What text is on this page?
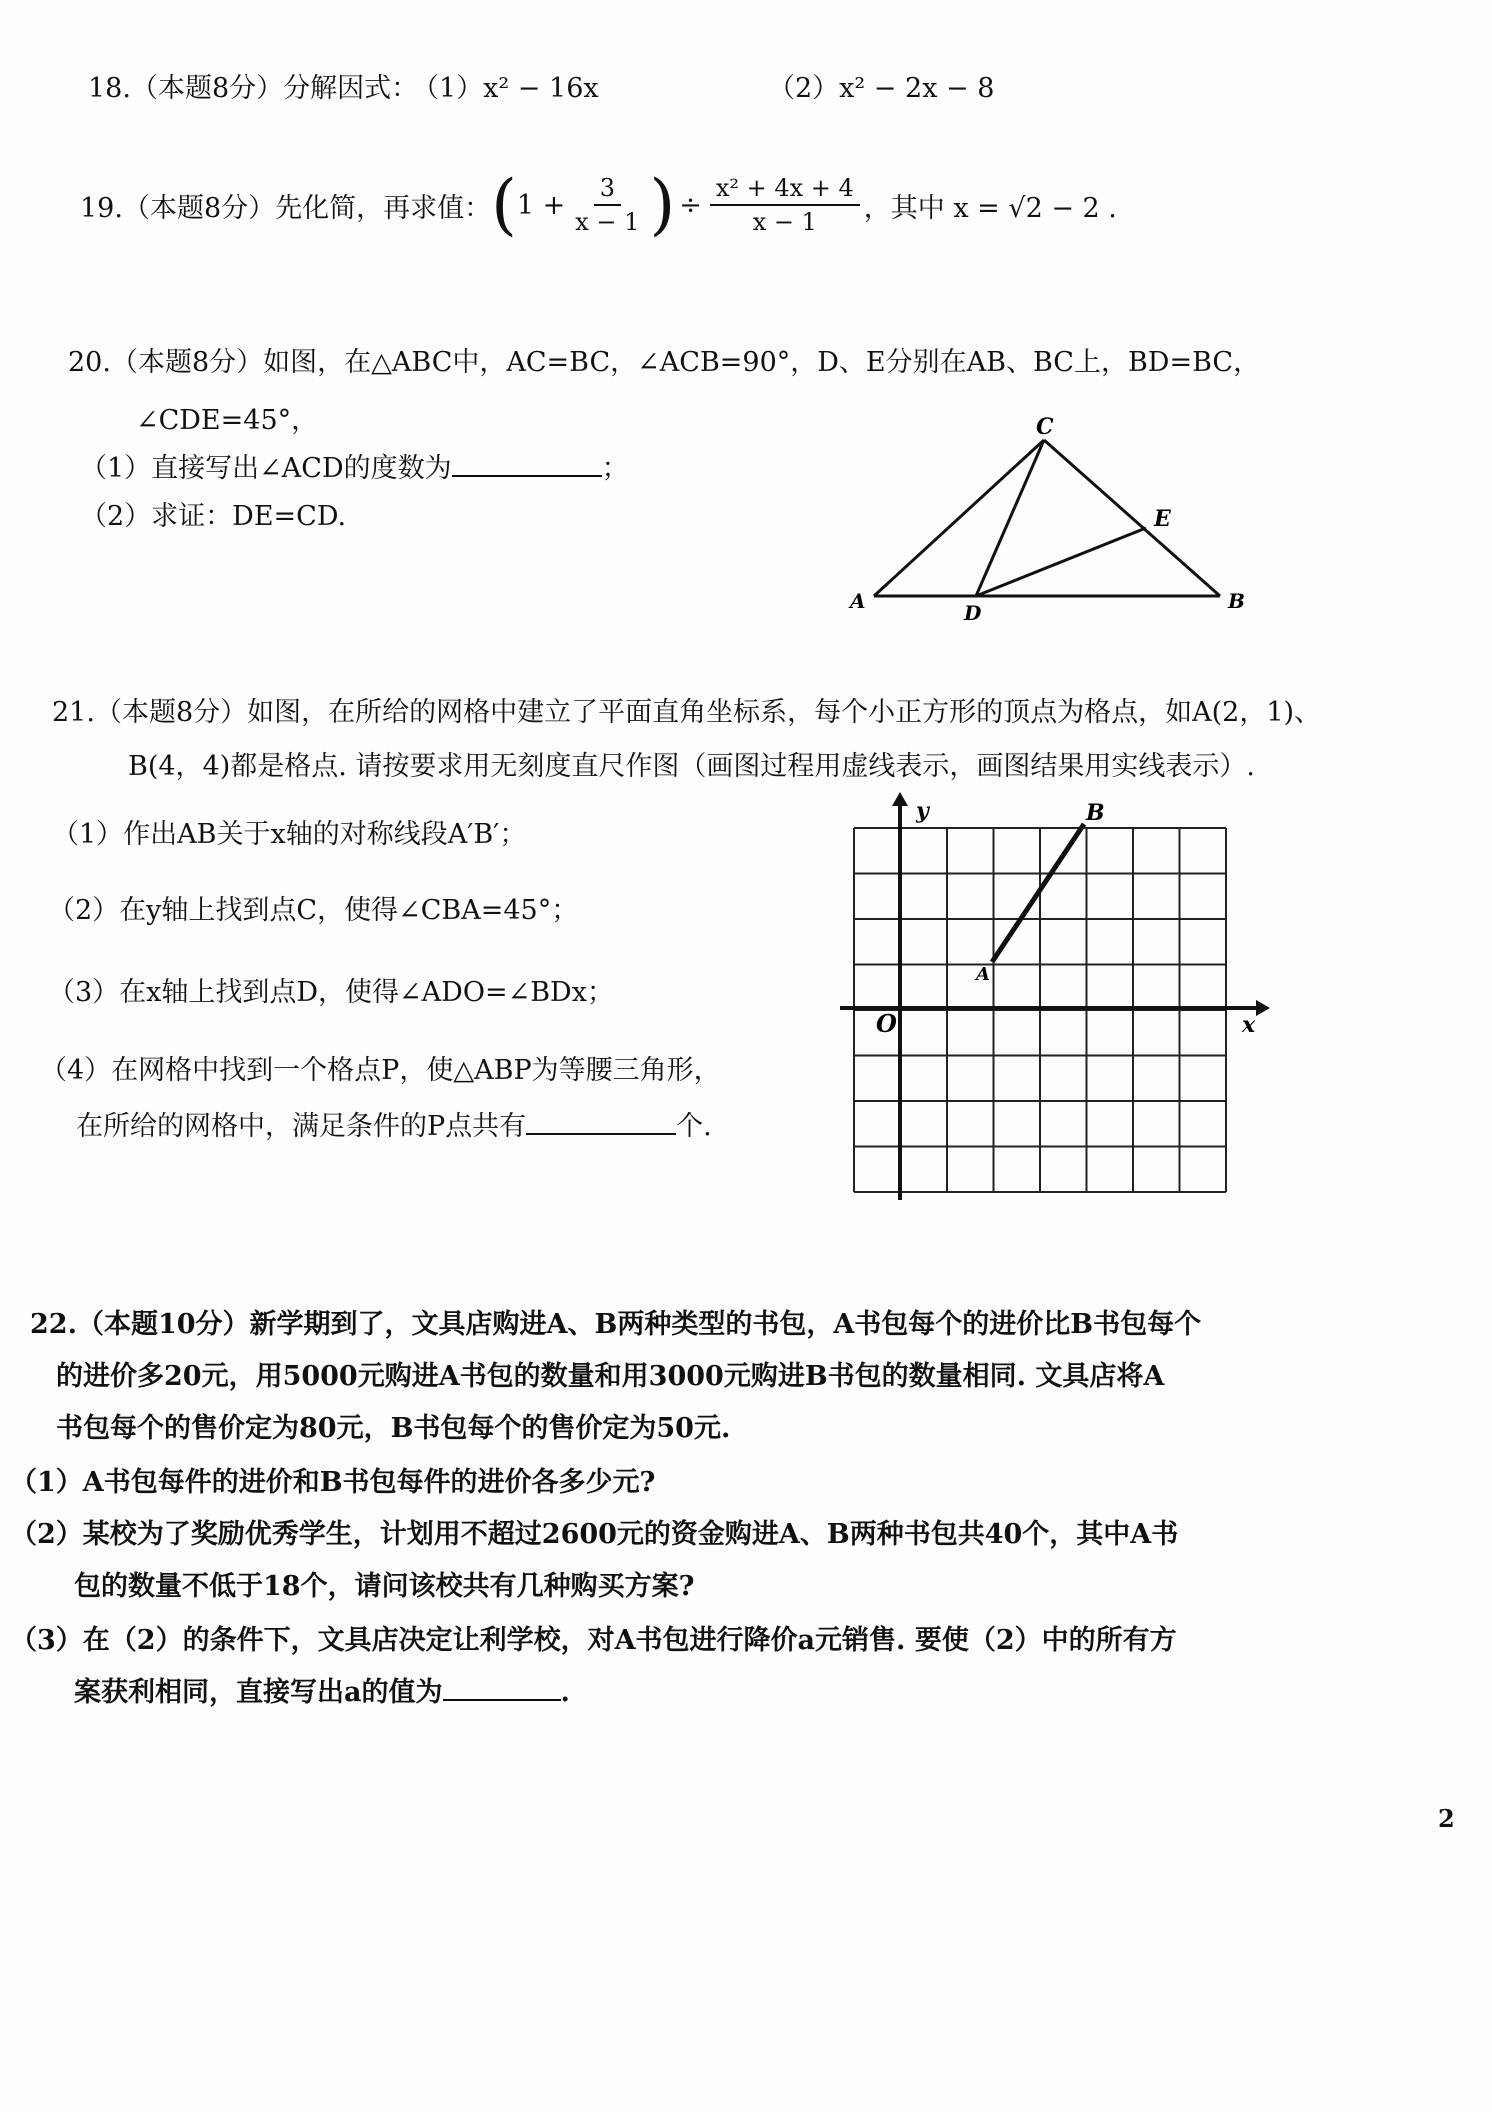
18.（本题8分）分解因式：
（1）x² − 16x	（2）x² − 2x − 8
19.（本题8分）先化简，再求值： ( $1 + \frac{3}{x - 1}$ ) ÷ $\frac{\text{x² + 4x + 4}}{x - 1}$ ，其中 x = √2 − 2 .
20.（本题8分）如图，在△ABC中，AC=BC，∠ACB=90°，D、E分别在AB、BC上，BD=BC，
∠CDE=45°，
（1）直接写出∠ACD的度数为	；
（2）求证：DE=CD.
C
E
A	D	B
21.（本题8分）如图，在所给的网格中建立了平面直角坐标系，每个小正方形的顶点为格点，如A(2，1)、
B(4，4)都是格点. 请按要求用无刻度直尺作图（画图过程用虚线表示，画图结果用实线表示）.
（1）作出AB关于x轴的对称线段A′B′；
（2）在y轴上找到点C，使得∠CBA=45°；
（3）在x轴上找到点D，使得∠ADO=∠BDx；
（4）在网格中找到一个格点P，使△ABP为等腰三角形，
在所给的网格中，满足条件的P点共有	个.
y
x
O
A
B
22.（本题10分）新学期到了，文具店购进A、B两种类型的书包，A书包每个的进价比B书包每个
的进价多20元，用5000元购进A书包的数量和用3000元购进B书包的数量相同. 文具店将A
书包每个的售价定为80元，B书包每个的售价定为50元.
（1）A书包每件的进价和B书包每件的进价各多少元?
（2）某校为了奖励优秀学生，计划用不超过2600元的资金购进A、B两种书包共40个，其中A书
包的数量不低于18个，请问该校共有几种购买方案?
（3）在（2）的条件下，文具店决定让利学校，对A书包进行降价a元销售. 要使（2）中的所有方
案获利相同，直接写出a的值为	.
2
